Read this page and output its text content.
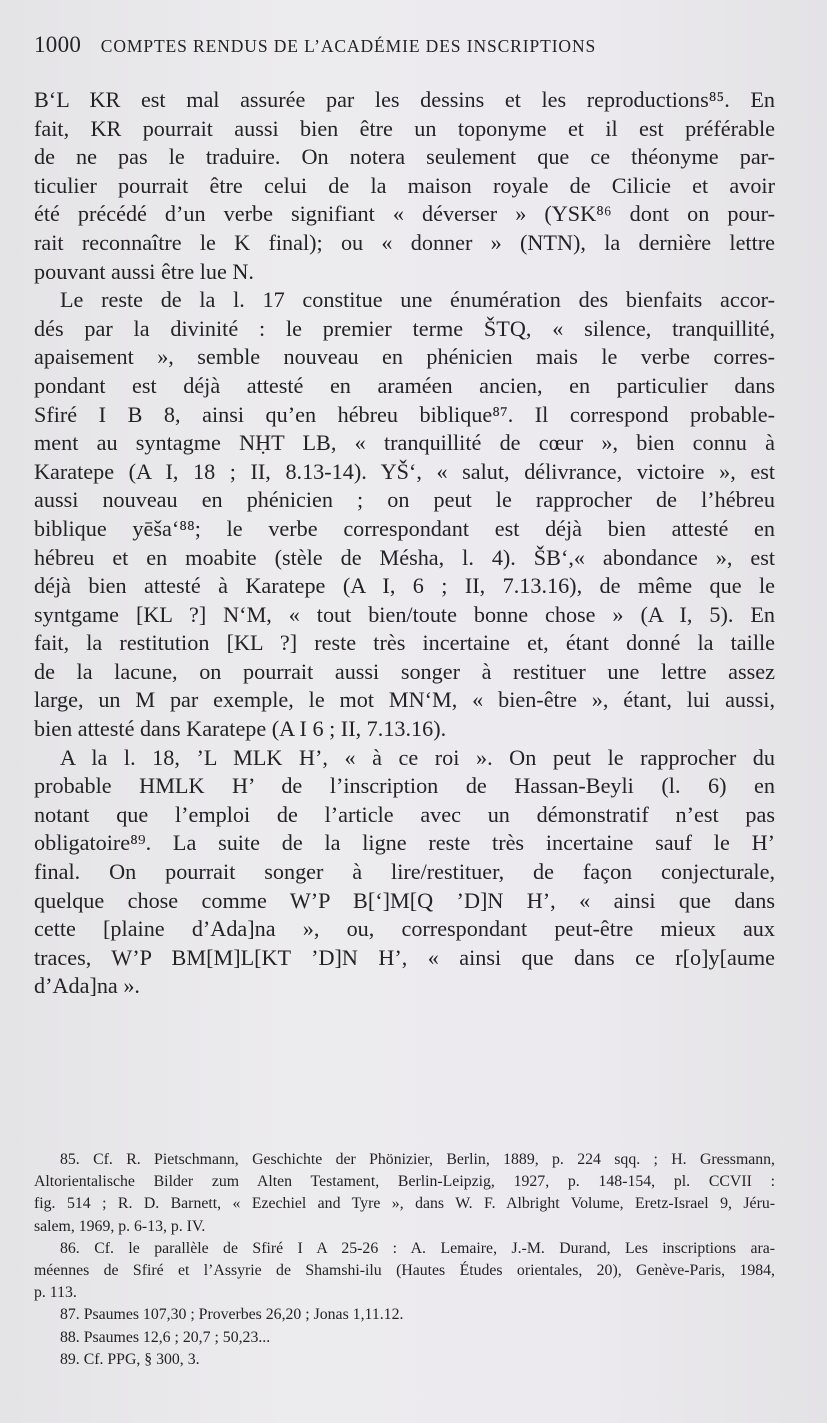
1000 COMPTES RENDUS DE L’ACADÉMIE DES INSCRIPTIONS
B‘L KR est mal assurée par les dessins et les reproductions⁸⁵. En
fait, KR pourrait aussi bien être un toponyme et il est préférable
de ne pas le traduire. On notera seulement que ce théonyme par-
ticulier pourrait être celui de la maison royale de Cilicie et avoir
été précédé d’un verbe signifiant « déverser » (YSK⁸⁶ dont on pour-
rait reconnaître le K final); ou « donner » (NTN), la dernière lettre
pouvant aussi être lue N.
Le reste de la l. 17 constitue une énumération des bienfaits accor-
dés par la divinité : le premier terme ŠTQ, « silence, tranquillité,
apaisement », semble nouveau en phénicien mais le verbe corres-
pondant est déjà attesté en araméen ancien, en particulier dans
Sfiré I B 8, ainsi qu’en hébreu biblique⁸⁷. Il correspond probable-
ment au syntagme NḤT LB, « tranquillité de cœur », bien connu à
Karatepe (A I, 18 ; II, 8.13-14). YŠ‘, « salut, délivrance, victoire », est
aussi nouveau en phénicien ; on peut le rapprocher de l’hébreu
biblique yēša‘⁸⁸; le verbe correspondant est déjà bien attesté en
hébreu et en moabite (stèle de Mésha, l. 4). ŠB‘,« abondance », est
déjà bien attesté à Karatepe (A I, 6 ; II, 7.13.16), de même que le
syntgame [KL ?] N‘M, « tout bien/toute bonne chose » (A I, 5). En
fait, la restitution [KL ?] reste très incertaine et, étant donné la taille
de la lacune, on pourrait aussi songer à restituer une lettre assez
large, un M par exemple, le mot MN‘M, « bien-être », étant, lui aussi,
bien attesté dans Karatepe (A I 6 ; II, 7.13.16).
A la l. 18, ’L MLK H’, « à ce roi ». On peut le rapprocher du
probable HMLK H’ de l’inscription de Hassan-Beyli (l. 6) en
notant que l’emploi de l’article avec un démonstratif n’est pas
obligatoire⁸⁹. La suite de la ligne reste très incertaine sauf le H’
final. On pourrait songer à lire/restituer, de façon conjecturale,
quelque chose comme W’P B[‘]M[Q ’D]N H’, « ainsi que dans
cette [plaine d’Ada]na », ou, correspondant peut-être mieux aux
traces, W’P BM[M]L[KT ’D]N H’, « ainsi que dans ce r[o]y[aume
d’Ada]na ».
85. Cf. R. Pietschmann, Geschichte der Phönizier, Berlin, 1889, p. 224 sqq. ; H. Gressmann,
Altorientalische Bilder zum Alten Testament, Berlin-Leipzig, 1927, p. 148-154, pl. CCVII :
fig. 514 ; R. D. Barnett, « Ezechiel and Tyre », dans W. F. Albright Volume, Eretz-Israel 9, Jéru-
salem, 1969, p. 6-13, p. IV.
86. Cf. le parallèle de Sfiré I A 25-26 : A. Lemaire, J.-M. Durand, Les inscriptions ara-
méennes de Sfiré et l’Assyrie de Shamshi-ilu (Hautes Études orientales, 20), Genève-Paris, 1984,
p. 113.
87. Psaumes 107,30 ; Proverbes 26,20 ; Jonas 1,11.12.
88. Psaumes 12,6 ; 20,7 ; 50,23...
89. Cf. PPG, § 300, 3.
